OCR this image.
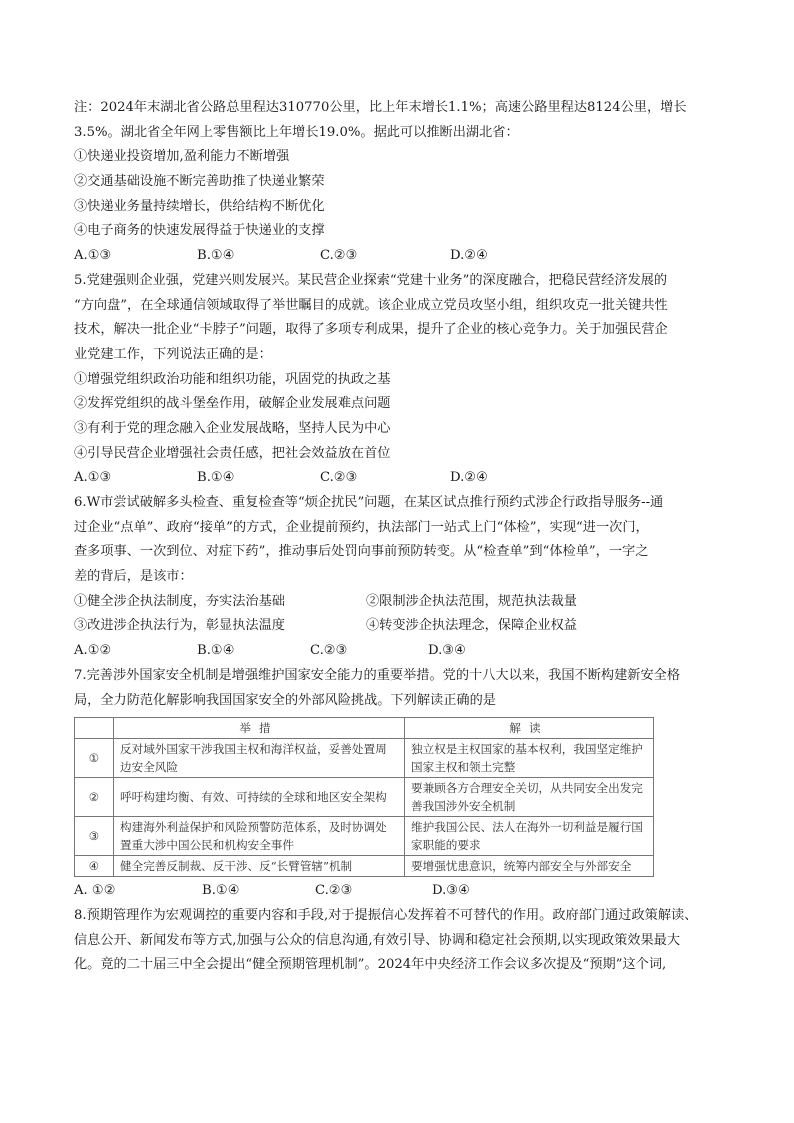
注：2024年末湖北省公路总里程达310770公里，比上年末增长1.1%；高速公路里程达8124公里，增长
3.5%。湖北省全年网上零售额比上年增长19.0%。据此可以推断出湖北省：
①快递业投资增加,盈利能力不断增强
②交通基础设施不断完善助推了快递业繁荣
③快递业务量持续增长，供给结构不断优化
④电子商务的快速发展得益于快递业的支撑
A.①③	B.①④	C.②③	D.②④
5.党建强则企业强，党建兴则发展兴。某民营企业探索“党建十业务”的深度融合，把稳民营经济发展的
“方向盘”，在全球通信领域取得了举世瞩目的成就。该企业成立党员攻坚小组，组织攻克一批关键共性
技术，解决一批企业“卡脖子”问题，取得了多项专利成果，提升了企业的核心竞争力。关于加强民营企
业党建工作，下列说法正确的是：
①增强党组织政治功能和组织功能，巩固党的执政之基
②发挥党组织的战斗堡垒作用，破解企业发展难点问题
③有利于党的理念融入企业发展战略，坚持人民为中心
④引导民营企业增强社会责任感，把社会效益放在首位
A.①③	B.①④	C.②③	D.②④
6.W市尝试破解多头检查、重复检查等“烦企扰民”问题，在某区试点推行预约式涉企行政指导服务--通
过企业“点单”、政府“接单”的方式，企业提前预约，执法部门一站式上门“体检”，实现“进一次门，
查多项事、一次到位、对症下药”，推动事后处罚向事前预防转变。从“检查单”到“体检单”，一字之
差的背后，是该市：
①健全涉企执法制度，夯实法治基础	②限制涉企执法范围，规范执法裁量
③改进涉企执法行为，彰显执法温度	④转变涉企执法理念，保障企业权益
A.①②	B.①④	C.②③	D.③④
7.完善涉外国家安全机制是增强维护国家安全能力的重要举措。党的十八大以来，我国不断构建新安全格
局，全力防范化解影响我国国家安全的外部风险挑战。下列解读正确的是
	举措	解读
①	反对域外国家干涉我国主权和海洋权益，妥善处置周边安全风险	独立权是主权国家的基本权利，我国坚定维护国家主权和领土完整
②	呼吁构建均衡、有效、可持续的全球和地区安全架构	要兼顾各方合理安全关切，从共同安全出发完善我国涉外安全机制
③	构建海外利益保护和风险预警防范体系，及时协调处置重大涉中国公民和机构安全事件	维护我国公民、法人在海外一切利益是履行国家职能的要求
④	健全完善反制裁、反干涉、反“长臂管辖”机制	要增强忧患意识，统筹内部安全与外部安全
A. ①②	B.①④	C.②③	D.③④
8.预期管理作为宏观调控的重要内容和手段,对于提振信心发挥着不可替代的作用。政府部门通过政策解读、
信息公开、新闻发布等方式,加强与公众的信息沟通,有效引导、协调和稳定社会预期,以实现政策效果最大
化。竟的二十届三中全会提出“健全预期管理机制”。2024年中央经济工作会议多次提及“预期”这个词,
